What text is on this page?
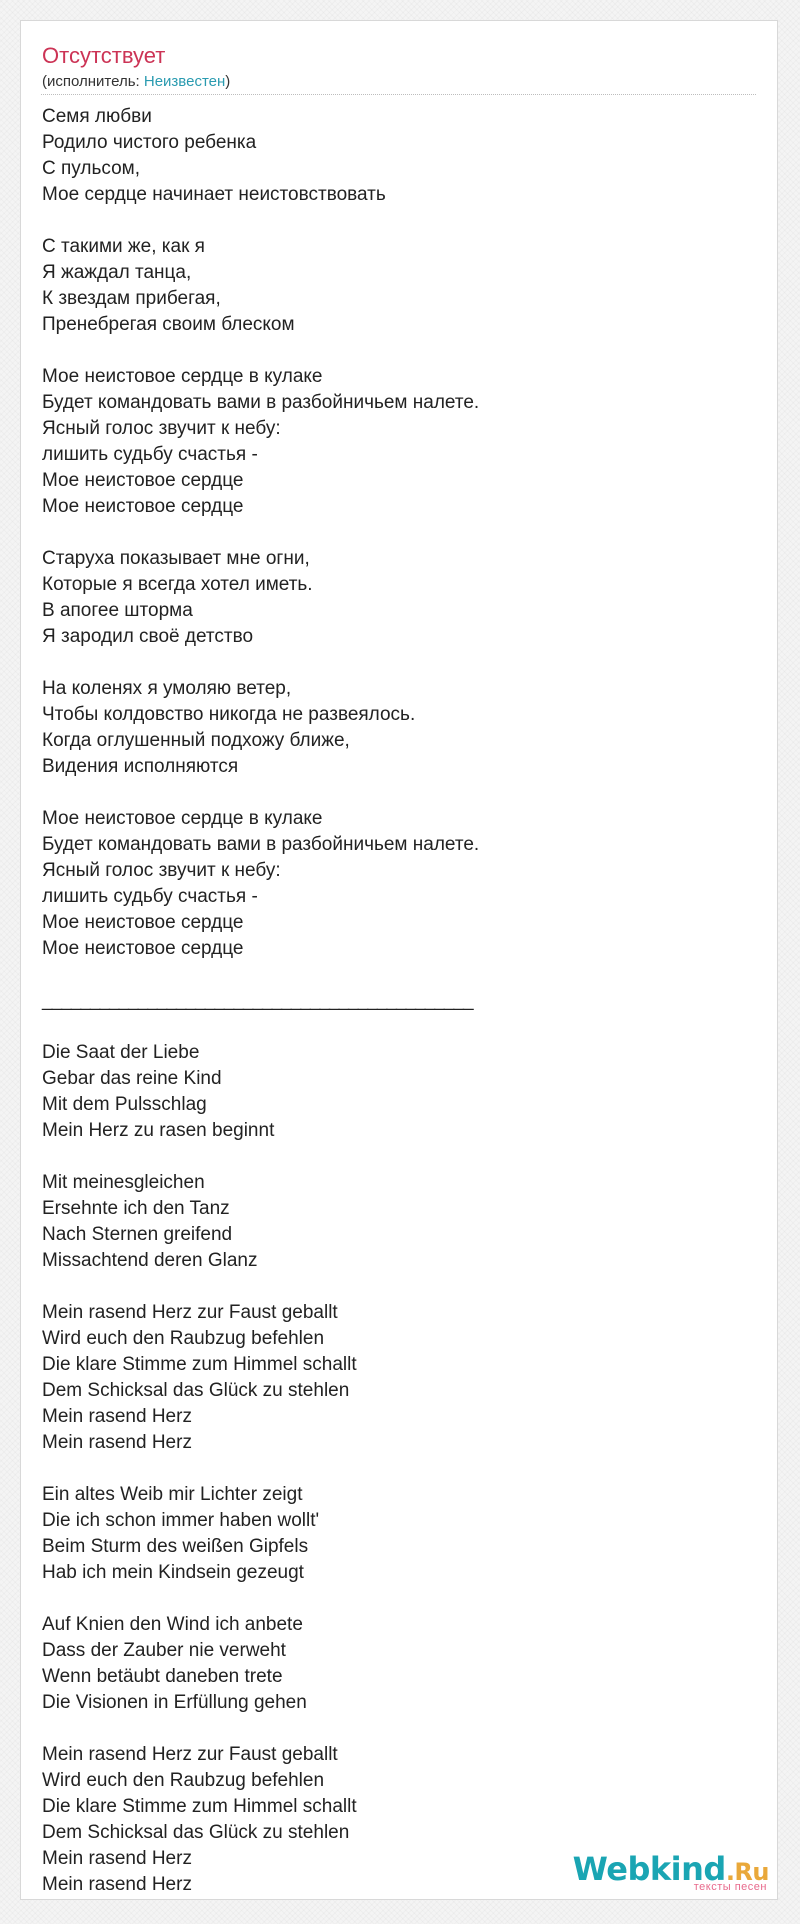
Отсутствует
(исполнитель: Неизвестен)
Семя любви
Родило чистого ребенка
С пульсом,
Мое сердце начинает неистовствовать
С такими же, как я
Я жаждал танца,
К звездам прибегая,
Пренебрегая своим блеском
Мое неистовое сердце в кулаке
Будет командовать вами в разбойничьем налете.
Ясный голос звучит к небу:
лишить судьбу счастья -
Мое неистовое сердце
Мое неистовое сердце
Старуха показывает мне огни,
Которые я всегда хотел иметь.
В апогее шторма
Я зародил своё детство
На коленях я умоляю ветер,
Чтобы колдовство никогда не развеялось.
Когда оглушенный подхожу ближе,
Видения исполняются
Мое неистовое сердце в кулаке
Будет командовать вами в разбойничьем налете.
Ясный голос звучит к небу:
лишить судьбу счастья -
Мое неистовое сердце
Мое неистовое сердце
_____________________________________________
Die Saat der Liebe
Gebar das reine Kind
Mit dem Pulsschlag
Mein Herz zu rasen beginnt
Mit meinesgleichen
Ersehnte ich den Tanz
Nach Sternen greifend
Missachtend deren Glanz
Mein rasend Herz zur Faust geballt
Wird euch den Raubzug befehlen
Die klare Stimme zum Himmel schallt
Dem Schicksal das Glück zu stehlen
Mein rasend Herz
Mein rasend Herz
Ein altes Weib mir Lichter zeigt
Die ich schon immer haben wollt'
Beim Sturm des weißen Gipfels
Hab ich mein Kindsein gezeugt
Auf Knien den Wind ich anbete
Dass der Zauber nie verweht
Wenn betäubt daneben trete
Die Visionen in Erfüllung gehen
Mein rasend Herz zur Faust geballt
Wird euch den Raubzug befehlen
Die klare Stimme zum Himmel schallt
Dem Schicksal das Glück zu stehlen
Mein rasend Herz
Mein rasend Herz	Webkind.Ru
тексты песен
